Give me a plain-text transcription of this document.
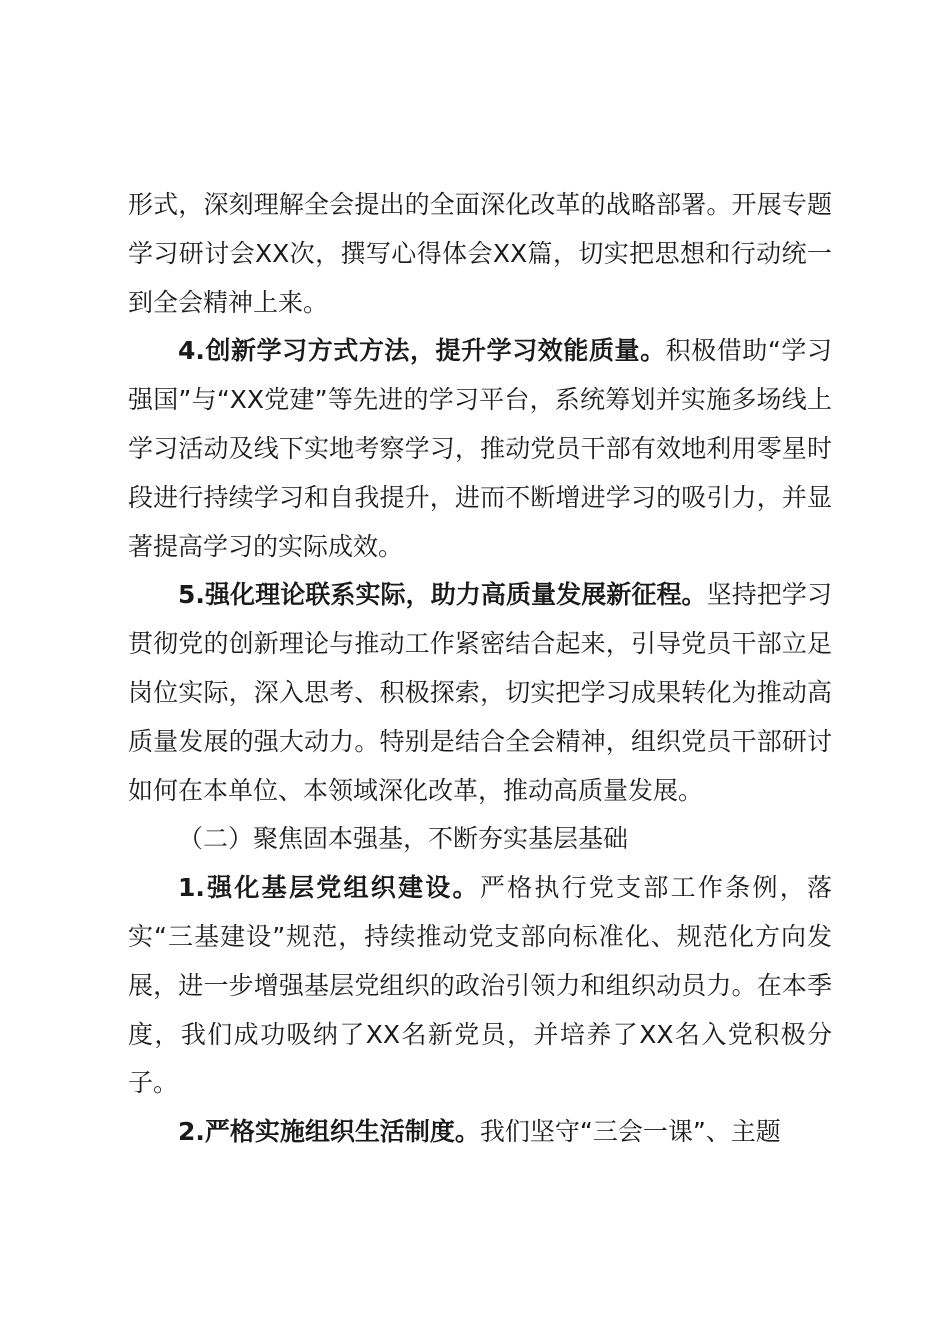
形式，深刻理解全会提出的全面深化改革的战略部署。开展专题学习研讨会XX次，撰写心得体会XX篇，切实把思想和行动统一到全会精神上来。

4.创新学习方式方法，提升学习效能质量。积极借助“学习强国”与“XX党建”等先进的学习平台，系统筹划并实施多场线上学习活动及线下实地考察学习，推动党员干部有效地利用零星时段进行持续学习和自我提升，进而不断增进学习的吸引力，并显著提高学习的实际成效。

5.强化理论联系实际，助力高质量发展新征程。坚持把学习贯彻党的创新理论与推动工作紧密结合起来，引导党员干部立足岗位实际，深入思考、积极探索，切实把学习成果转化为推动高质量发展的强大动力。特别是结合全会精神，组织党员干部研讨如何在本单位、本领域深化改革，推动高质量发展。

（二）聚焦固本强基，不断夯实基层基础

1.强化基层党组织建设。严格执行党支部工作条例，落实“三基建设”规范，持续推动党支部向标准化、规范化方向发展，进一步增强基层党组织的政治引领力和组织动员力。在本季度，我们成功吸纳了XX名新党员，并培养了XX名入党积极分子。

2.严格实施组织生活制度。我们坚守“三会一课”、主题
